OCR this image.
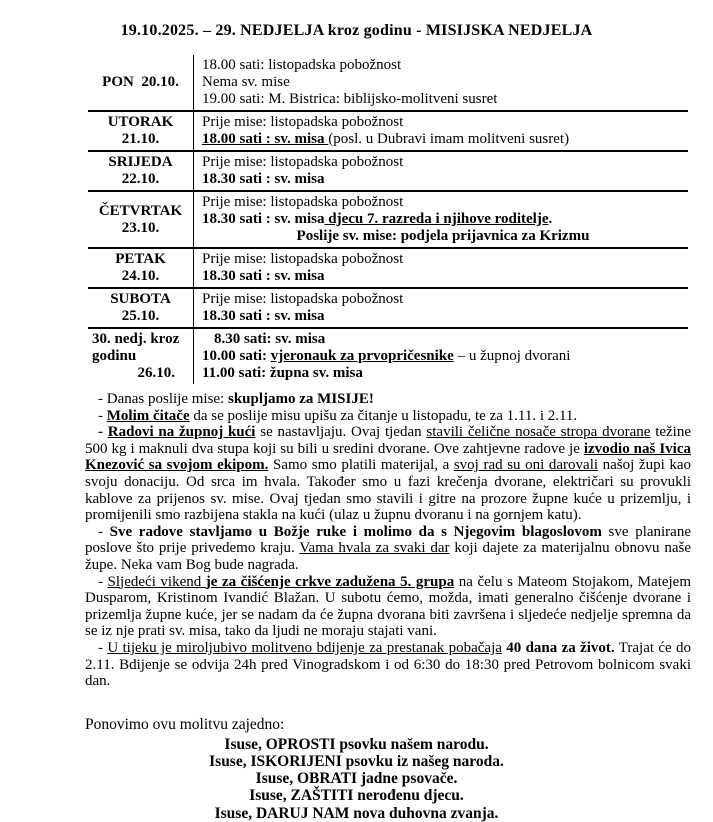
19.10.2025. – 29. NEDJELJA kroz godinu - MISIJSKA NEDJELJA
PON  20.10.
18.00 sati: listopadska pobožnost
Nema sv. mise
19.00 sati: M. Bistrica: biblijsko-molitveni susret
UTORAK
21.10.
Prije mise: listopadska pobožnost
18.00 sati : sv. misa (posl. u Dubravi imam molitveni susret)
SRIJEDA
22.10.
Prije mise: listopadska pobožnost
18.30 sati : sv. misa
ČETVRTAK
23.10.
Prije mise: listopadska pobožnost
18.30 sati : sv. misa djecu 7. razreda i njihove roditelje.
Poslije sv. mise: podjela prijavnica za Krizmu
PETAK
24.10.
Prije mise: listopadska pobožnost
18.30 sati : sv. misa
SUBOTA
25.10.
Prije mise: listopadska pobožnost
18.30 sati : sv. misa
30. nedj. kroz
godinu
26.10.
8.30 sati: sv. misa
10.00 sati: vjeronauk za prvopričesnike – u župnoj dvorani
11.00 sati: župna sv. misa

- Danas poslije mise: skupljamo za MISIJE!

- Molim čitače da se poslije misu upišu za čitanje u listopadu, te za 1.11. i 2.11.

- Radovi na župnoj kući se nastavljaju. Ovaj tjedan stavili čelične nosače stropa dvorane težine 500 kg i maknuli dva stupa koji su bili u sredini dvorane. Ove zahtjevne radove je izvodio naš Ivica Knezović sa svojom ekipom. Samo smo platili materijal, a svoj rad su oni darovali našoj župi kao svoju donaciju. Od srca im hvala. Također smo u fazi krečenja dvorane, električari su provukli kablove za prijenos sv. mise. Ovaj tjedan smo stavili i gitre na prozore župne kuće u prizemlju, i promijenili smo razbijena stakla na kući (ulaz u župnu dvoranu i na gornjem katu).

- Sve radove stavljamo u Božje ruke i molimo da s Njegovim blagoslovom sve planirane poslove što prije privedemo kraju. Vama hvala za svaki dar koji dajete za materijalnu obnovu naše župe. Neka vam Bog bude nagrada.

- Sljedeći vikend je za čišćenje crkve zadužena 5. grupa na čelu s Mateom Stojakom, Matejem Dusparom, Kristinom Ivandić Blažan. U subotu ćemo, možda, imati generalno čišćenje dvorane i prizemlja župne kuće, jer se nadam da će župna dvorana biti završena i sljedeće nedjelje spremna da se iz nje prati sv. misa, tako da ljudi ne moraju stajati vani.

- U tijeku je miroljubivo molitveno bdijenje za prestanak pobačaja 40 dana za život. Trajat će do 2.11. Bdijenje se odvija 24h pred Vinogradskom i od 6:30 do 18:30 pred Petrovom bolnicom svaki dan.

Ponovimo ovu molitvu zajedno:

Isuse, OPROSTI psovku našem narodu.
Isuse, ISKORIJENI psovku iz našeg naroda.
Isuse, OBRATI jadne psovače.
Isuse, ZAŠTITI nerođenu djecu.
Isuse, DARUJ NAM nova duhovna zvanja.
